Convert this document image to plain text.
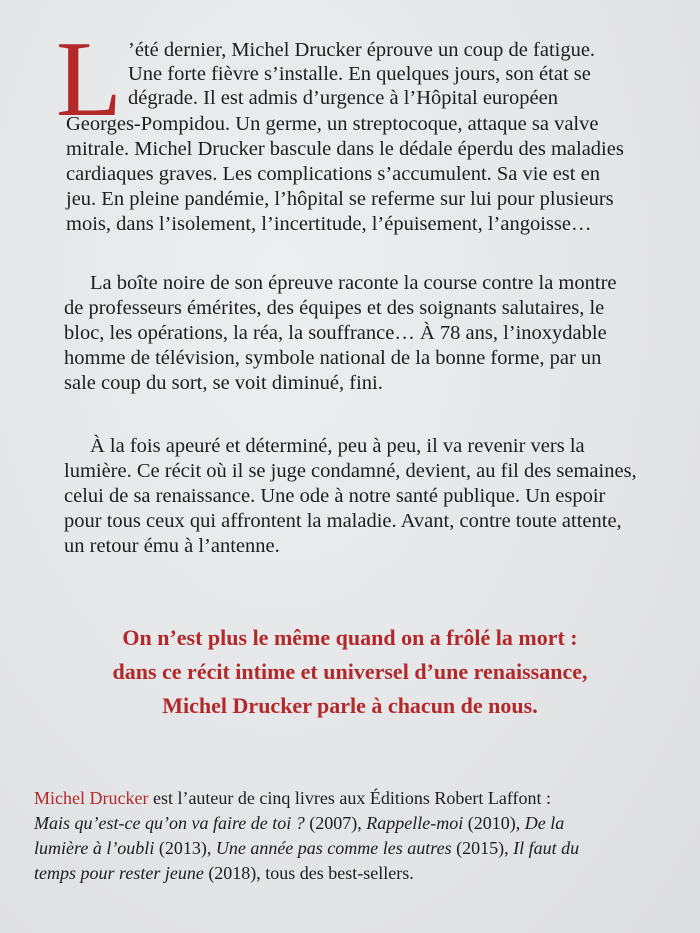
L ’été dernier, Michel Drucker éprouve un coup de fatigue.
Une forte fièvre s’installe. En quelques jours, son état se
dégrade. Il est admis d’urgence à l’Hôpital européen
Georges-Pompidou. Un germe, un streptocoque, attaque sa valve
mitrale. Michel Drucker bascule dans le dédale éperdu des maladies
cardiaques graves. Les complications s’accumulent. Sa vie est en
jeu. En pleine pandémie, l’hôpital se referme sur lui pour plusieurs
mois, dans l’isolement, l’incertitude, l’épuisement, l’angoisse…
La boîte noire de son épreuve raconte la course contre la montre
de professeurs émérites, des équipes et des soignants salutaires, le
bloc, les opérations, la réa, la souffrance… À 78 ans, l’inoxydable
homme de télévision, symbole national de la bonne forme, par un
sale coup du sort, se voit diminué, fini.
À la fois apeuré et déterminé, peu à peu, il va revenir vers la
lumière. Ce récit où il se juge condamné, devient, au fil des semaines,
celui de sa renaissance. Une ode à notre santé publique. Un espoir
pour tous ceux qui affrontent la maladie. Avant, contre toute attente,
un retour ému à l’antenne.
On n’est plus le même quand on a frôlé la mort :
dans ce récit intime et universel d’une renaissance,
Michel Drucker parle à chacun de nous.
Michel Drucker est l’auteur de cinq livres aux Éditions Robert Laffont :
Mais qu’est-ce qu’on va faire de toi ? (2007), Rappelle-moi (2010), De la
lumière à l’oubli (2013), Une année pas comme les autres (2015), Il faut du
temps pour rester jeune (2018), tous des best-sellers.
